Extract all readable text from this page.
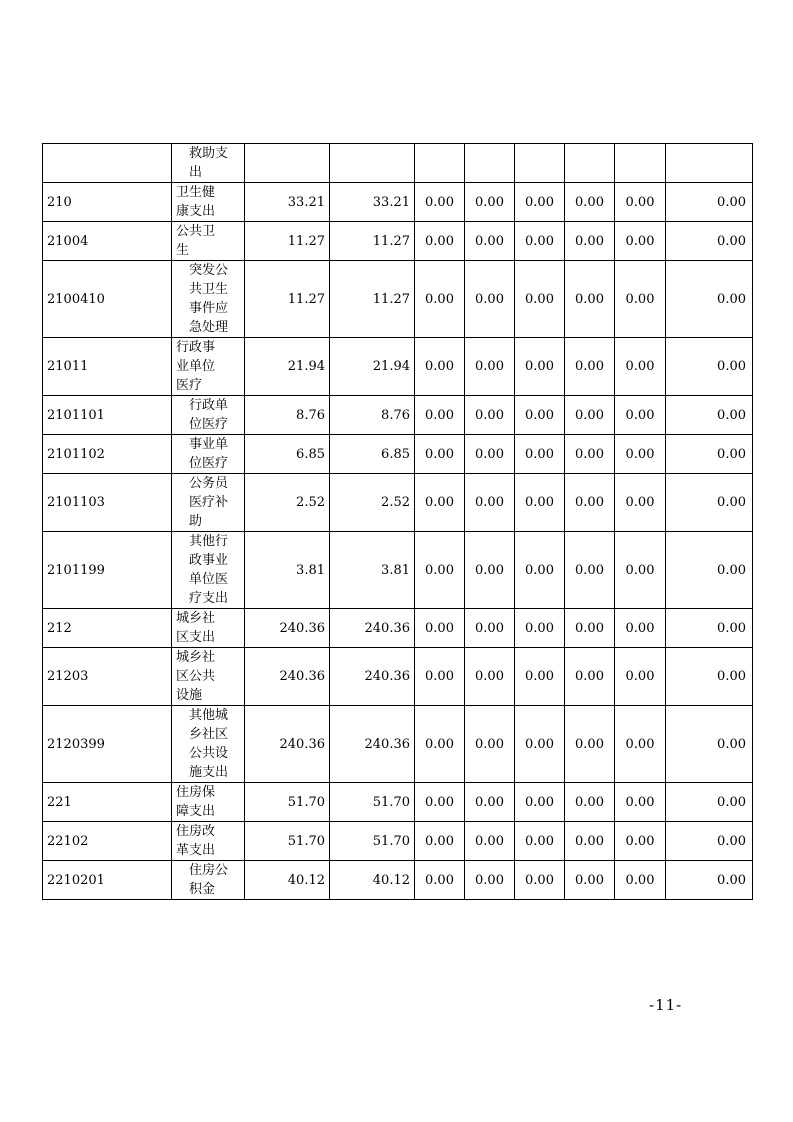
	救助支出								

210	卫生健康支出	33.21	33.21	0.00	0.00	0.00	0.00	0.00	0.00
21004	公共卫生	11.27	11.27	0.00	0.00	0.00	0.00	0.00	0.00
2100410	突发公共卫生事件应急处理	11.27	11.27	0.00	0.00	0.00	0.00	0.00	0.00
21011	行政事业单位医疗	21.94	21.94	0.00	0.00	0.00	0.00	0.00	0.00
2101101	行政单位医疗	8.76	8.76	0.00	0.00	0.00	0.00	0.00	0.00
2101102	事业单位医疗	6.85	6.85	0.00	0.00	0.00	0.00	0.00	0.00
2101103	公务员医疗补助	2.52	2.52	0.00	0.00	0.00	0.00	0.00	0.00
2101199	其他行政事业单位医疗支出	3.81	3.81	0.00	0.00	0.00	0.00	0.00	0.00
212	城乡社区支出	240.36	240.36	0.00	0.00	0.00	0.00	0.00	0.00
21203	城乡社区公共设施	240.36	240.36	0.00	0.00	0.00	0.00	0.00	0.00
2120399	其他城乡社区公共设施支出	240.36	240.36	0.00	0.00	0.00	0.00	0.00	0.00
221	住房保障支出	51.70	51.70	0.00	0.00	0.00	0.00	0.00	0.00
22102	住房改革支出	51.70	51.70	0.00	0.00	0.00	0.00	0.00	0.00
2210201	住房公积金	40.12	40.12	0.00	0.00	0.00	0.00	0.00	0.00
-11-
